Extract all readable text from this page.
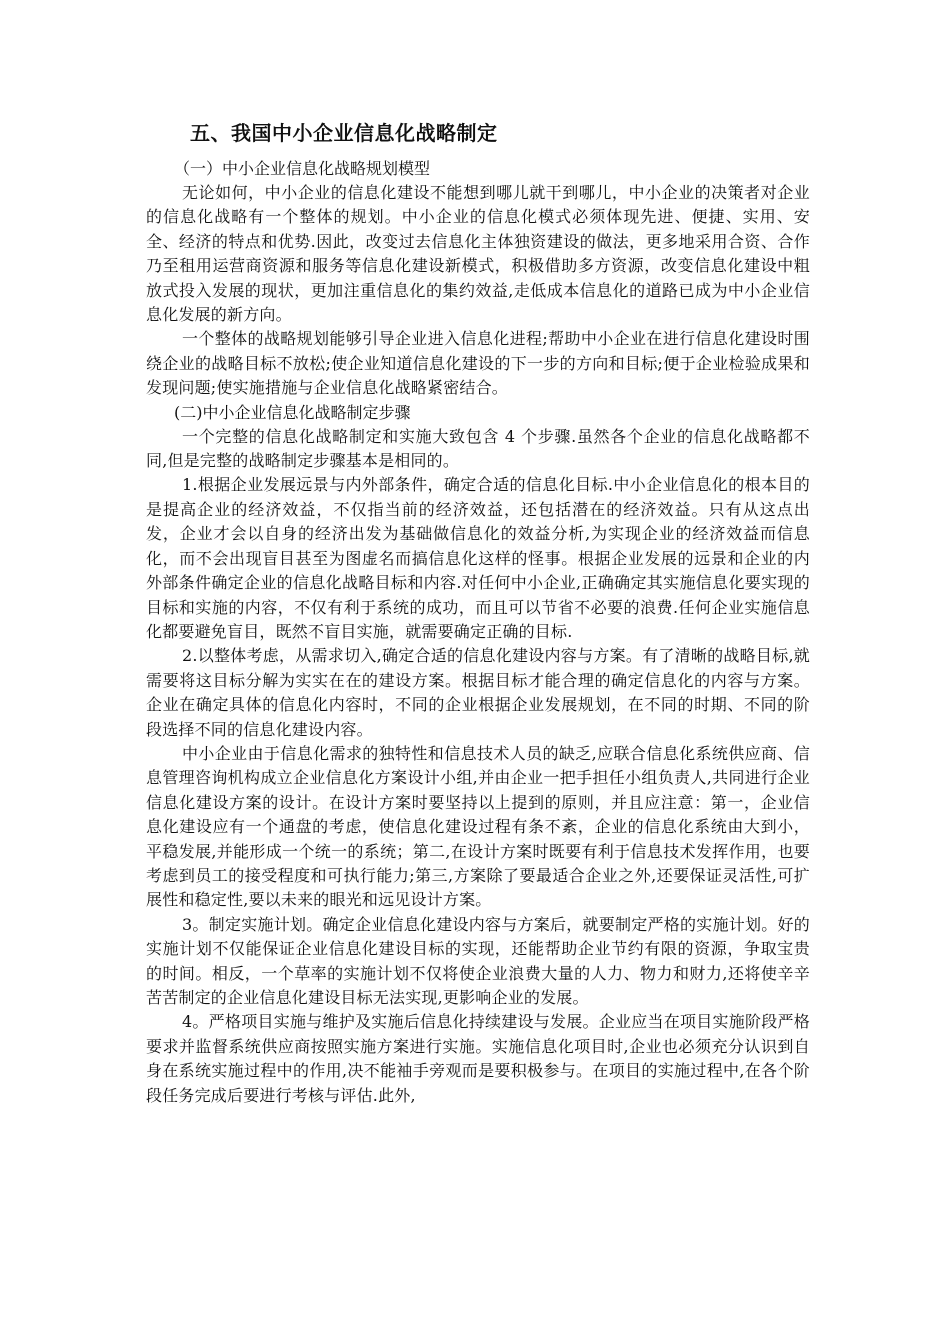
五、我国中小企业信息化战略制定

（一）中小企业信息化战略规划模型

无论如何，中小企业的信息化建设不能想到哪儿就干到哪儿，中小企业的决策者对企业的信息化战略有一个整体的规划。中小企业的信息化模式必须体现先进、便捷、实用、安全、经济的特点和优势.因此，改变过去信息化主体独资建设的做法，更多地采用合资、合作乃至租用运营商资源和服务等信息化建设新模式，积极借助多方资源，改变信息化建设中粗放式投入发展的现状，更加注重信息化的集约效益,走低成本信息化的道路已成为中小企业信息化发展的新方向。

一个整体的战略规划能够引导企业进入信息化进程;帮助中小企业在进行信息化建设时围绕企业的战略目标不放松;使企业知道信息化建设的下一步的方向和目标;便于企业检验成果和发现问题;使实施措施与企业信息化战略紧密结合。

(二)中小企业信息化战略制定步骤

一个完整的信息化战略制定和实施大致包含 4 个步骤.虽然各个企业的信息化战略都不同,但是完整的战略制定步骤基本是相同的。

1.根据企业发展远景与内外部条件，确定合适的信息化目标.中小企业信息化的根本目的是提高企业的经济效益，不仅指当前的经济效益，还包括潜在的经济效益。只有从这点出发，企业才会以自身的经济出发为基础做信息化的效益分析,为实现企业的经济效益而信息化，而不会出现盲目甚至为图虚名而搞信息化这样的怪事。根据企业发展的远景和企业的内外部条件确定企业的信息化战略目标和内容.对任何中小企业,正确确定其实施信息化要实现的目标和实施的内容，不仅有利于系统的成功，而且可以节省不必要的浪费.任何企业实施信息化都要避免盲目，既然不盲目实施，就需要确定正确的目标.

2.以整体考虑，从需求切入,确定合适的信息化建设内容与方案。有了清晰的战略目标,就需要将这目标分解为实实在在的建设方案。根据目标才能合理的确定信息化的内容与方案。企业在确定具体的信息化内容时，不同的企业根据企业发展规划，在不同的时期、不同的阶段选择不同的信息化建设内容。

中小企业由于信息化需求的独特性和信息技术人员的缺乏,应联合信息化系统供应商、信息管理咨询机构成立企业信息化方案设计小组,并由企业一把手担任小组负责人,共同进行企业信息化建设方案的设计。在设计方案时要坚持以上提到的原则，并且应注意：第一，企业信息化建设应有一个通盘的考虑，使信息化建设过程有条不紊，企业的信息化系统由大到小，平稳发展,并能形成一个统一的系统；第二,在设计方案时既要有利于信息技术发挥作用，也要考虑到员工的接受程度和可执行能力;第三,方案除了要最适合企业之外,还要保证灵活性,可扩展性和稳定性,要以未来的眼光和远见设计方案。

3。制定实施计划。确定企业信息化建设内容与方案后，就要制定严格的实施计划。好的实施计划不仅能保证企业信息化建设目标的实现，还能帮助企业节约有限的资源，争取宝贵的时间。相反，一个草率的实施计划不仅将使企业浪费大量的人力、物力和财力,还将使辛辛苦苦制定的企业信息化建设目标无法实现,更影响企业的发展。

4。严格项目实施与维护及实施后信息化持续建设与发展。企业应当在项目实施阶段严格要求并监督系统供应商按照实施方案进行实施。实施信息化项目时,企业也必须充分认识到自身在系统实施过程中的作用,决不能袖手旁观而是要积极参与。在项目的实施过程中,在各个阶段任务完成后要进行考核与评估.此外,
